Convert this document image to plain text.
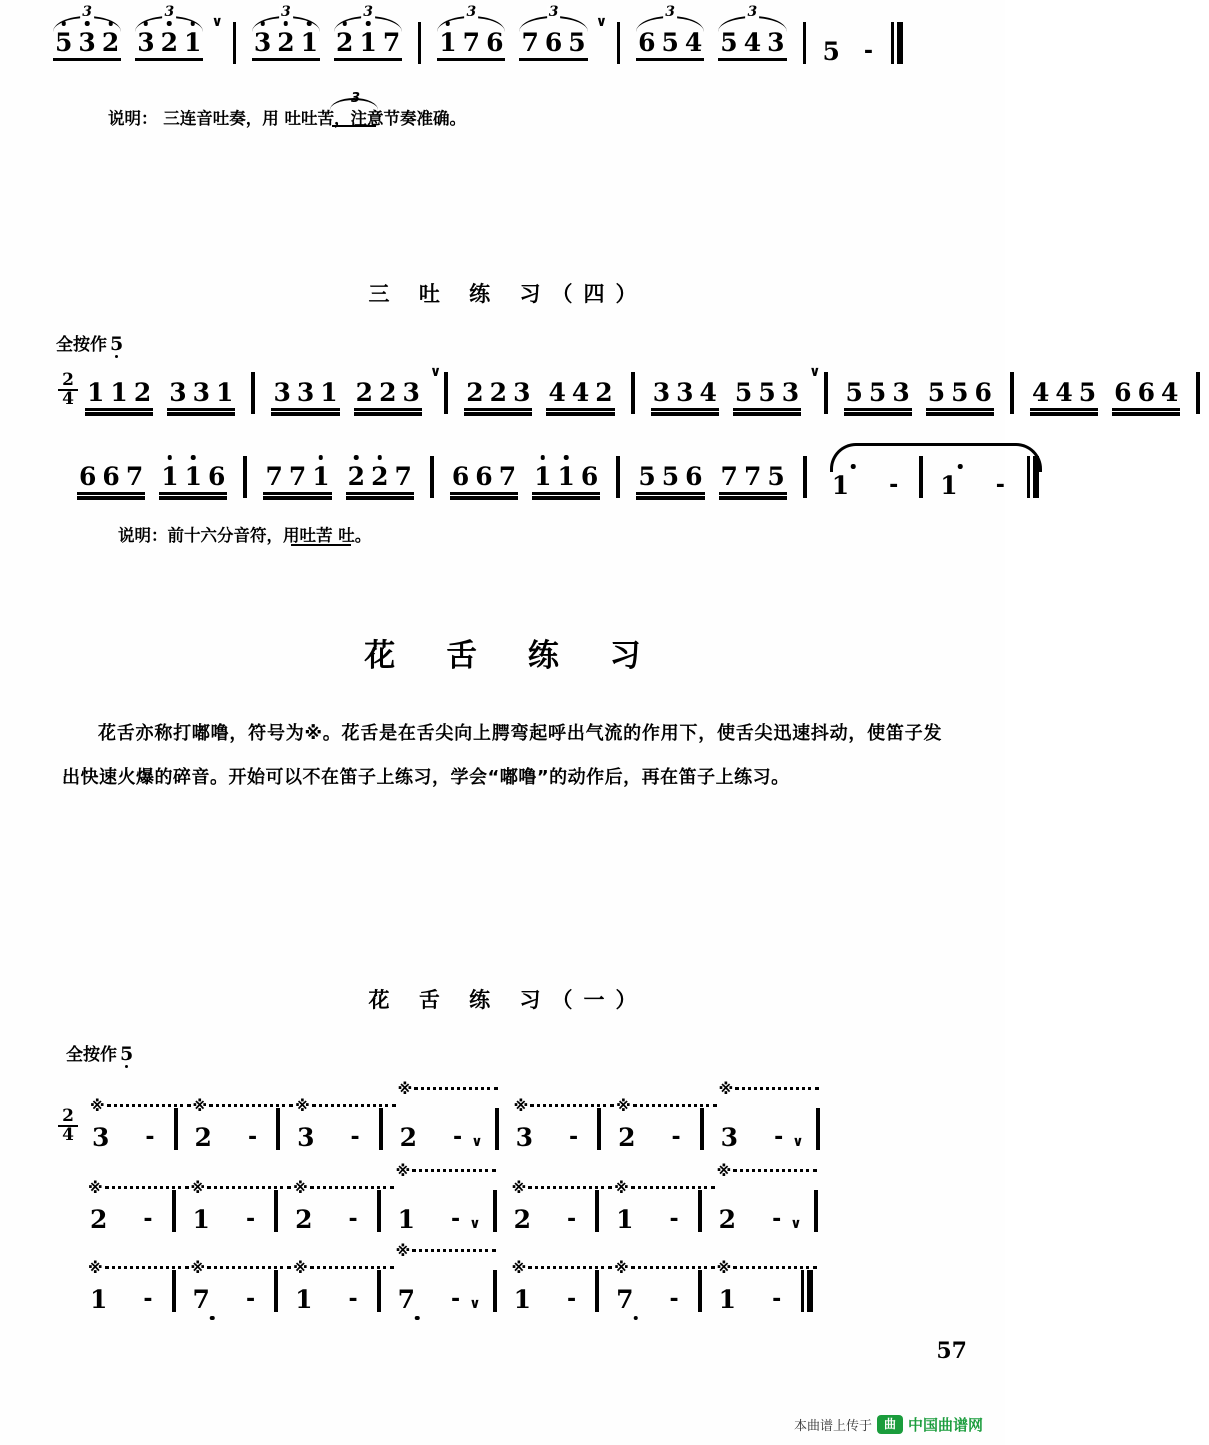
3
5 3 2
3
3 2 1
∨
3
3 2 1
3
2 1 7
3
1 7 6
3
7 6 5
∨
3
6 5 4
3
5 4 3 5	-
说明： 三连音吐奏，用 吐吐苦，注意节奏准确。
3
三 吐 练 习（四）
全按作 5
2
4 1 1 2 3 3 1 3 3 1 2 2 3
∨
2 2 3 4 4 2 3 3 4 5 5 3
∨
5 5 3 5 5 6 4 4 5 6 6 4
6 6 7 1 1 6 7 7 1 2 2 7 6 6 7 1 1 6 5 5 6 7 7 5 1	-	1	-
说明：前十六分音符，用吐苦 吐。
花 舌 练 习
花舌亦称打嘟噜，符号为※。花舌是在舌尖向上腭弯起呼出气流的作用下，使舌尖迅速抖动，使笛子发出快速火爆的碎音。开始可以不在笛子上练习，学会“嘟噜”的动作后，再在笛子上练习。
花 舌 练 习（一）
全按作 5
2
4
※
3	-
※
2	-
※
3	-
※
2	- ∨
※
3	-
※
2	-
※
3	- ∨
※
2	-
※
1	-
※
2	-
※
1	- ∨
※
2	-
※
1	-
※
2	- ∨
※
1	-
※
7	-
※
1	-
※
7	- ∨
※
1	-
※
7	-
※
1	-
57
本曲谱上传于 曲 中国曲谱网
